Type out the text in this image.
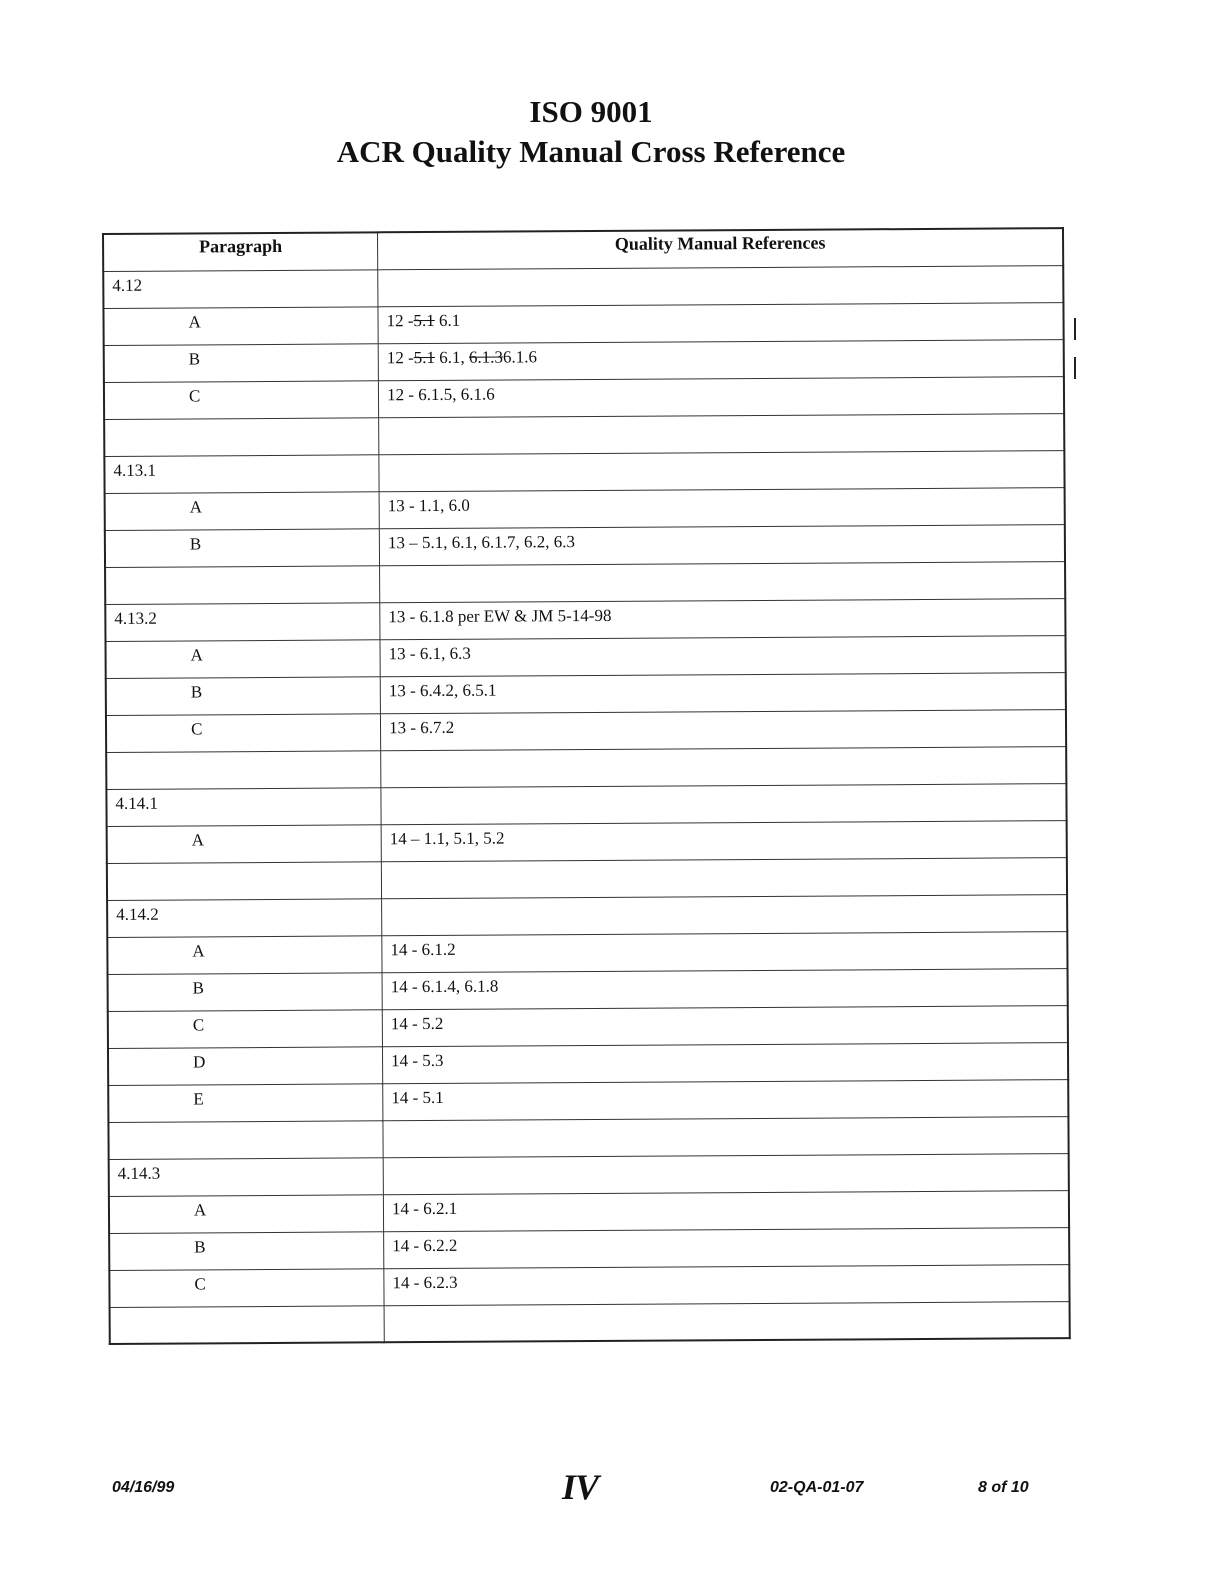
ISO 9001
ACR Quality Manual Cross Reference
Paragraph	Quality Manual References
4.12	
A	12 -5.1 6.1
B	12 -5.1 6.1, 6.1.36.1.6
C	12 - 6.1.5, 6.1.6

4.13.1	
A	13 - 1.1, 6.0
B	13 – 5.1, 6.1, 6.1.7, 6.2, 6.3

4.13.2	13 - 6.1.8 per EW & JM 5-14-98
A	13 - 6.1, 6.3
B	13 - 6.4.2, 6.5.1
C	13 - 6.7.2

4.14.1	
A	14 – 1.1, 5.1, 5.2

4.14.2	
A	14 - 6.1.2
B	14 - 6.1.4, 6.1.8
C	14 - 5.2
D	14 - 5.3
E	14 - 5.1

4.14.3	
A	14 - 6.2.1
B	14 - 6.2.2
C	14 - 6.2.3

04/16/99	IV	02-QA-01-07	8 of 10
